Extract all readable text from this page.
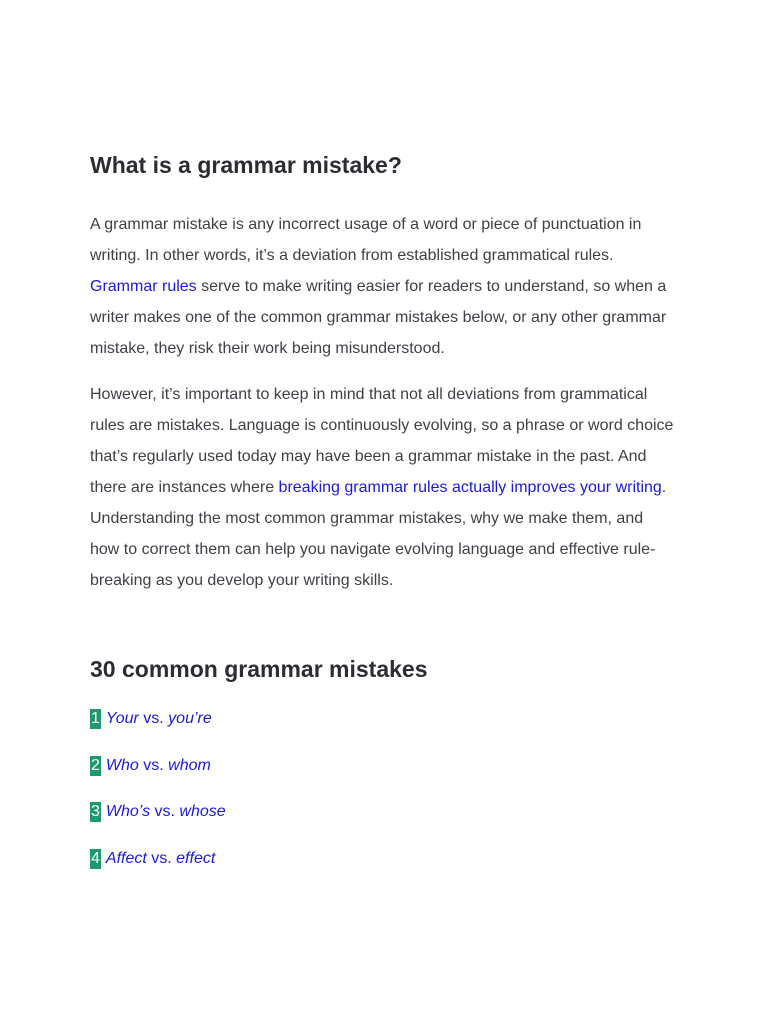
What is a grammar mistake?

A grammar mistake is any incorrect usage of a word or piece of punctuation in writing. In other words, it’s a deviation from established grammatical rules. Grammar rules serve to make writing easier for readers to understand, so when a writer makes one of the common grammar mistakes below, or any other grammar mistake, they risk their work being misunderstood.

However, it’s important to keep in mind that not all deviations from grammatical rules are mistakes. Language is continuously evolving, so a phrase or word choice that’s regularly used today may have been a grammar mistake in the past. And there are instances where breaking grammar rules actually improves your writing. Understanding the most common grammar mistakes, why we make them, and how to correct them can help you navigate evolving language and effective rule-breaking as you develop your writing skills.

30 common grammar mistakes
1 Your vs. you’re
2 Who vs. whom
3 Who’s vs. whose
4 Affect vs. effect
